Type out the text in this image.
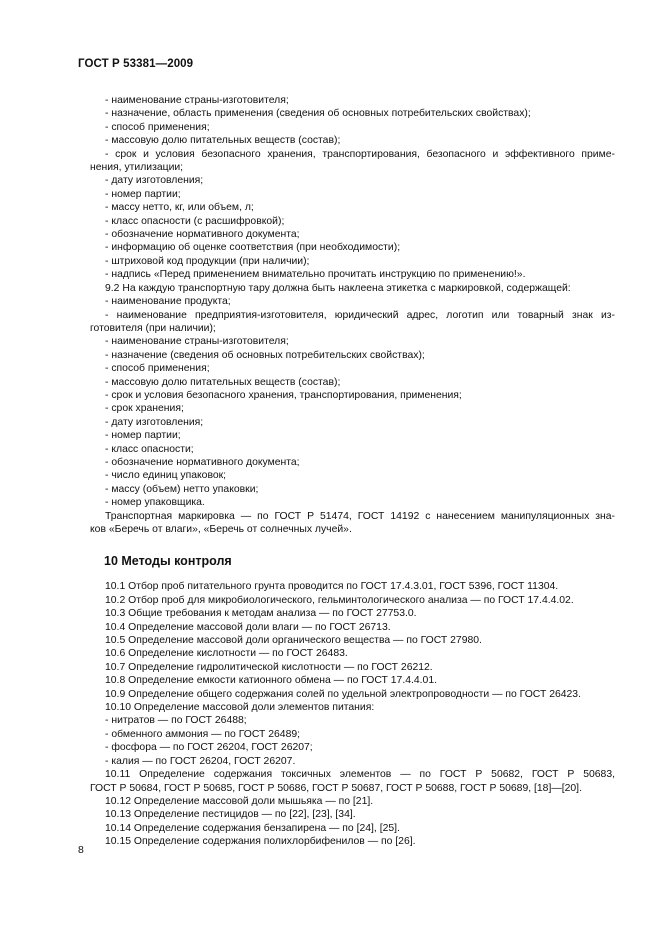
ГОСТ Р 53381—2009
- наименование страны-изготовителя;
- назначение, область применения (сведения об основных потребительских свойствах);
- способ применения;
- массовую долю питательных веществ (состав);
- срок и условия безопасного хранения, транспортирования, безопасного и эффективного приме-
нения, утилизации;
- дату изготовления;
- номер партии;
- массу нетто, кг, или объем, л;
- класс опасности (с расшифровкой);
- обозначение нормативного документа;
- информацию об оценке соответствия (при необходимости);
- штриховой код продукции (при наличии);
- надпись «Перед применением внимательно прочитать инструкцию по применению!».
9.2 На каждую транспортную тару должна быть наклеена этикетка с маркировкой, содержащей:
- наименование продукта;
- наименование предприятия-изготовителя, юридический адрес, логотип или товарный знак из-
готовителя (при наличии);
- наименование страны-изготовителя;
- назначение (сведения об основных потребительских свойствах);
- способ применения;
- массовую долю питательных веществ (состав);
- срок и условия безопасного хранения, транспортирования, применения;
- срок хранения;
- дату изготовления;
- номер партии;
- класс опасности;
- обозначение нормативного документа;
- число единиц упаковок;
- массу (объем) нетто упаковки;
- номер упаковщика.
Транспортная маркировка — по ГОСТ Р 51474, ГОСТ 14192 с нанесением манипуляционных зна-
ков «Беречь от влаги», «Беречь от солнечных лучей».
10 Методы контроля
10.1 Отбор проб питательного грунта проводится по ГОСТ 17.4.3.01, ГОСТ 5396, ГОСТ 11304.
10.2 Отбор проб для микробиологического, гельминтологического анализа — по ГОСТ 17.4.4.02.
10.3 Общие требования к методам анализа — по ГОСТ 27753.0.
10.4 Определение массовой доли влаги — по ГОСТ 26713.
10.5 Определение массовой доли органического вещества — по ГОСТ 27980.
10.6 Определение кислотности — по ГОСТ 26483.
10.7 Определение гидролитической кислотности — по ГОСТ 26212.
10.8 Определение емкости катионного обмена — по ГОСТ 17.4.4.01.
10.9 Определение общего содержания солей по удельной электропроводности — по ГОСТ 26423.
10.10 Определение массовой доли элементов питания:
- нитратов — по ГОСТ 26488;
- обменного аммония — по ГОСТ 26489;
- фосфора — по ГОСТ 26204, ГОСТ 26207;
- калия — по ГОСТ 26204, ГОСТ 26207.
10.11 Определение содержания токсичных элементов — по ГОСТ Р 50682, ГОСТ Р 50683,
ГОСТ Р 50684, ГОСТ Р 50685, ГОСТ Р 50686, ГОСТ Р 50687, ГОСТ Р 50688, ГОСТ Р 50689, [18]—[20].
10.12 Определение массовой доли мышьяка — по [21].
10.13 Определение пестицидов — по [22], [23], [34].
10.14 Определение содержания бензапирена — по [24], [25].
10.15 Определение содержания полихлорбифенилов — по [26].
8
